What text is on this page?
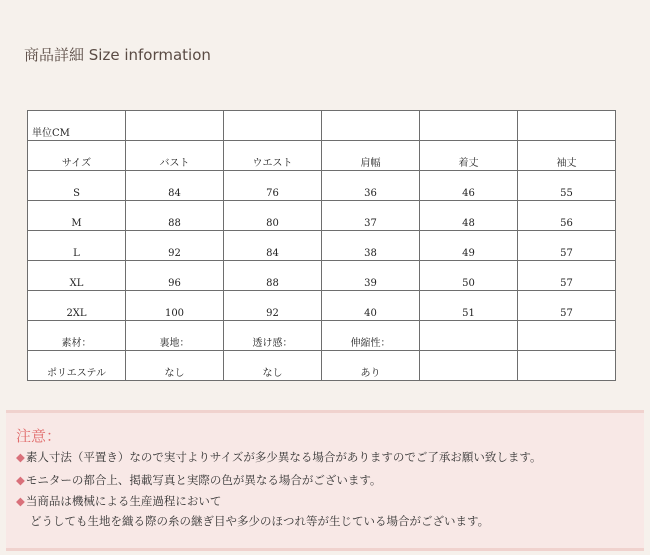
商品詳細 Size information
単位CM					
サイズ	バスト	ウエスト	肩幅	着丈	袖丈
S	84	76	36	46	55
M	88	80	37	48	56
L	92	84	38	49	57
XL	96	88	39	50	57
2XL	100	92	40	51	57
素材：	裏地：	透け感：	伸縮性：		
ポリエステル	なし	なし	あり		
注意：
◆素人寸法（平置き）なので実寸よりサイズが多少異なる場合がありますのでご了承お願い致します。
◆モニターの都合上、掲載写真と実際の色が異なる場合がございます。
◆当商品は機械による生産過程において
どうしても生地を織る際の糸の継ぎ目や多少のほつれ等が生じている場合がございます。
